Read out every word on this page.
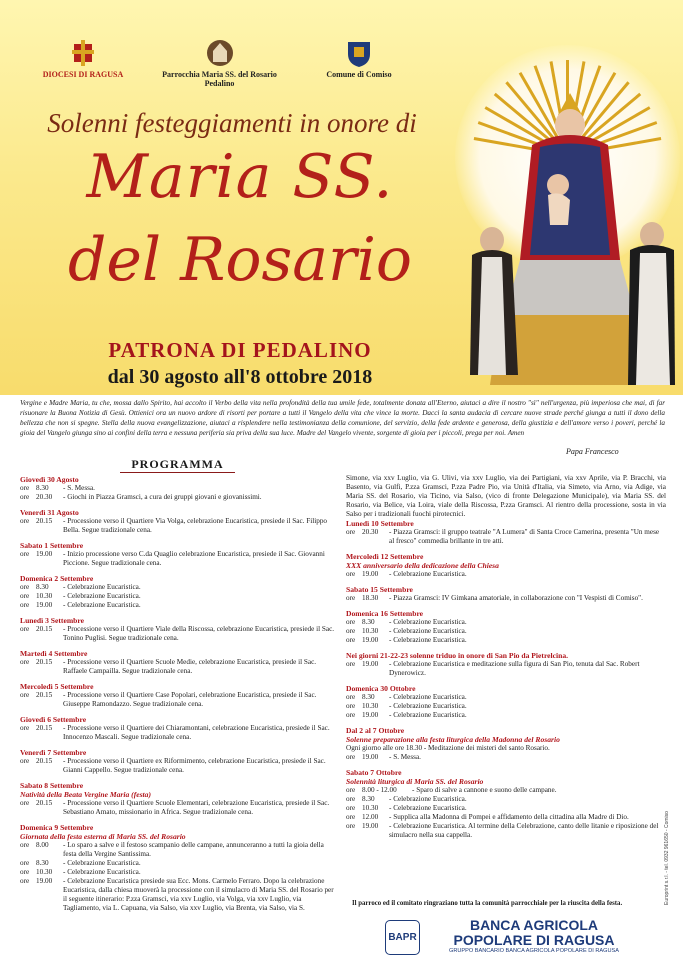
DIOCESI DI RAGUSA	Parrocchia Maria SS. del Rosario Pedalino
Comune di Comiso
Solenni festeggiamenti in onore di
Maria SS.
del Rosario
PATRONA DI PEDALINO
dal 30 agosto all'8 ottobre 2018
Vergine e Madre Maria, tu che, mossa dallo Spirito, hai accolto il Verbo della vita nella profondità della tua umile fede, totalmente donata all'Eterno, aiutaci a dire il nostro "sì" nell'urgenza, più imperiosa che mai, di far risuonare la Buona Notizia di Gesù. Ottienici ora un nuovo ardore di risorti per portare a tutti il Vangelo della vita che vince la morte. Dacci la santa audacia di cercare nuove strade perché giunga a tutti il dono della bellezza che non si spegne. Stella della nuova evangelizzazione, aiutaci a risplendere nella testimonianza della comunione, del servizio, della fede ardente e generosa, della giustizia e dell'amore verso i poveri, perché la gioia del Vangelo giunga sino ai confini della terra e nessuna periferia sia priva della sua luce. Madre del Vangelo vivente, sorgente di gioia per i piccoli, prega per noi. Amen
Papa Francesco
PROGRAMMA
Giovedì 30 Agosto
ore 8.30	- S. Messa.
ore 20.30	- Giochi in Piazza Gramsci, a cura dei gruppi giovani e giovanissimi.
Venerdì 31 Agosto
ore 20.15	- Processione verso il Quartiere Via Volga, celebrazione Eucaristica, presiede il Sac. Filippo Bella. Segue tradizionale cena.
Sabato 1 Settembre
ore 19.00	- Inizio processione verso C.da Quaglio celebrazione Eucaristica, presiede il Sac. Giovanni Piccione. Segue tradizionale cena.
Domenica 2 Settembre
ore 8.30	- Celebrazione Eucaristica.
ore 10.30	- Celebrazione Eucaristica.
ore 19.00	- Celebrazione Eucaristica.
Lunedì 3 Settembre
ore 20.15	- Processione verso il Quartiere Viale della Riscossa, celebrazione Eucaristica, presiede il Sac. Tonino Puglisi. Segue tradizionale cena.
Martedì 4 Settembre
ore 20.15	- Processione verso il Quartiere Scuole Medie, celebrazione Eucaristica, presiede il Sac. Raffaele Campailla. Segue tradizionale cena.
Mercoledì 5 Settembre
ore 20.15	- Processione verso il Quartiere Case Popolari, celebrazione Eucaristica, presiede il Sac. Giuseppe Ramondazzo. Segue tradizionale cena.
Giovedì 6 Settembre
ore 20.15	- Processione verso il Quartiere dei Chiaramontani, celebrazione Eucaristica, presiede il Sac. Innocenzo Mascali. Segue tradizionale cena.
Venerdì 7 Settembre
ore 20.15	- Processione verso il Quartiere ex Riformimento, celebrazione Eucaristica, presiede il Sac. Gianni Cappello. Segue tradizionale cena.
Sabato 8 Settembre
Natività della Beata Vergine Maria (festa)
ore 20.15	- Processione verso il Quartiere Scuole Elementari, celebrazione Eucaristica, presiede il Sac. Sebastiano Amato, missionario in Africa. Segue tradizionale cena.
Domenica 9 Settembre
Giornata della festa esterna di Maria SS. del Rosario
ore 8.00	- Lo sparo a salve e il festoso scampanio delle campane, annunceranno a tutti la gioia della festa della Vergine Santissima.
ore 8.30	- Celebrazione Eucaristica.
ore 10.30	- Celebrazione Eucaristica.
ore 19.00	- Celebrazione Eucaristica presiede sua Ecc. Mons. Carmelo Ferraro. Dopo la celebrazione Eucaristica, dalla chiesa muoverà la processione con il simulacro di Maria SS. del Rosario per il seguente itinerario: P.zza Gramsci, via xxv Luglio, via Volga, via xxv Luglio, via Tagliamento, via L. Capuana, via Salso, via xxv Luglio, via Brenta, via Salso, via S.
Simone, via xxv Luglio, via G. Ulivi, via xxv Luglio, via dei Partigiani, via xxv Aprile, via P. Bracchi, via Basento, via Gulfi, P.zza Gramsci, P.zza Padre Pio, via Unità d'Italia, via Simeto, via Arno, via Adige, via Maria SS. del Rosario, via Ticino, via Salso, (vico di fronte Delegazione Municipale), via Maria SS. del Rosario, via Belice, via Loira, viale della Riscossa, P.zza Gramsci. Al rientro della processione, sosta in via Salso per i tradizionali fuochi pirotecnici.
Lunedì 10 Settembre
ore 20.30	- Piazza Gramsci: il gruppo teatrale "A Lumera" di Santa Croce Camerina, presenta "Un mese al fresco" commedia brillante in tre atti.
Mercoledì 12 Settembre
XXX anniversario della dedicazione della Chiesa
ore 19.00	- Celebrazione Eucaristica.
Sabato 15 Settembre
ore 18.30	- Piazza Gramsci: IV Gimkana amatoriale, in collaborazione con "I Vespisti di Comiso".
Domenica 16 Settembre
ore 8.30	- Celebrazione Eucaristica.
ore 10.30	- Celebrazione Eucaristica.
ore 19.00	- Celebrazione Eucaristica.
Nei giorni 21-22-23 solenne triduo in onore di San Pio da Pietrelcina.
ore 19.00	- Celebrazione Eucaristica e meditazione sulla figura di San Pio, tenuta dal Sac. Robert Dynerowicz.
Domenica 30 Ottobre
ore 8.30	- Celebrazione Eucaristica.
ore 10.30	- Celebrazione Eucaristica.
ore 19.00	- Celebrazione Eucaristica.
Dal 2 al 7 Ottobre
Solenne preparazione alla festa liturgica della Madonna del Rosario
Ogni giorno alle ore 18.30 - Meditazione dei misteri del santo Rosario.
ore 19.00	- S. Messa.
Sabato 7 Ottobre
Solennità liturgica di Maria SS. del Rosario
ore 8.00 - 12.00	- Sparo di salve a cannone e suono delle campane.
ore 8.30	- Celebrazione Eucaristica.
ore 10.30	- Celebrazione Eucaristica.
ore 12.00	- Supplica alla Madonna di Pompei e affidamento della cittadina alla Madre di Dio.
ore 19.00	- Celebrazione Eucaristica. Al termine della Celebrazione, canto delle litanie e riposizione del simulacro nella sua cappella.
Il parroco ed il comitato ringraziano tutta la comunità parrocchiale per la riuscita della festa.
BAPR
BANCA AGRICOLA
POPOLARE DI RAGUSA
GRUPPO BANCARIO BANCA AGRICOLA POPOLARE DI RAGUSA
Europrint s.r.l. - tel. 0932 961650 - Comiso
